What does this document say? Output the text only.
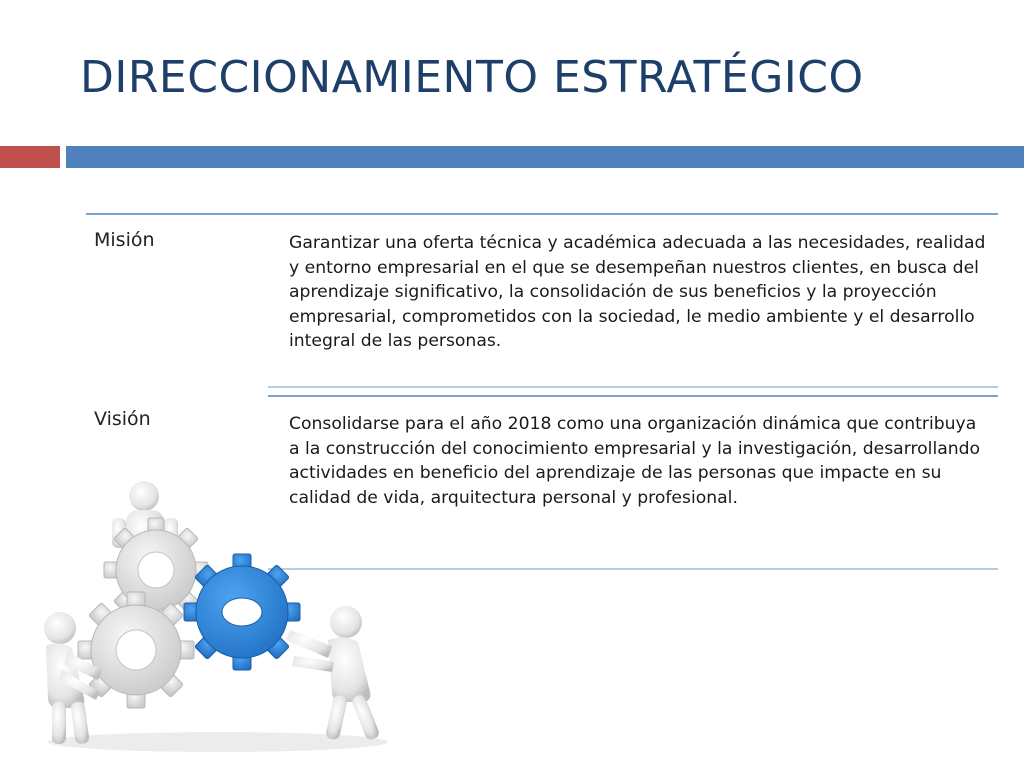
DIRECCIONAMIENTO ESTRATÉGICO
Misión	Garantizar una oferta técnica y académica adecuada a las necesidades, realidad y entorno empresarial en el que se desempeñan nuestros clientes, en busca del aprendizaje significativo, la consolidación de sus beneficios y la proyección empresarial, comprometidos con la sociedad, le medio ambiente y el desarrollo integral de las personas.
Visión	Consolidarse para el año 2018 como una organización dinámica que contribuya a la construcción del conocimiento empresarial y la investigación, desarrollando actividades en beneficio del aprendizaje de las personas que impacte en su calidad de vida, arquitectura personal y profesional.
